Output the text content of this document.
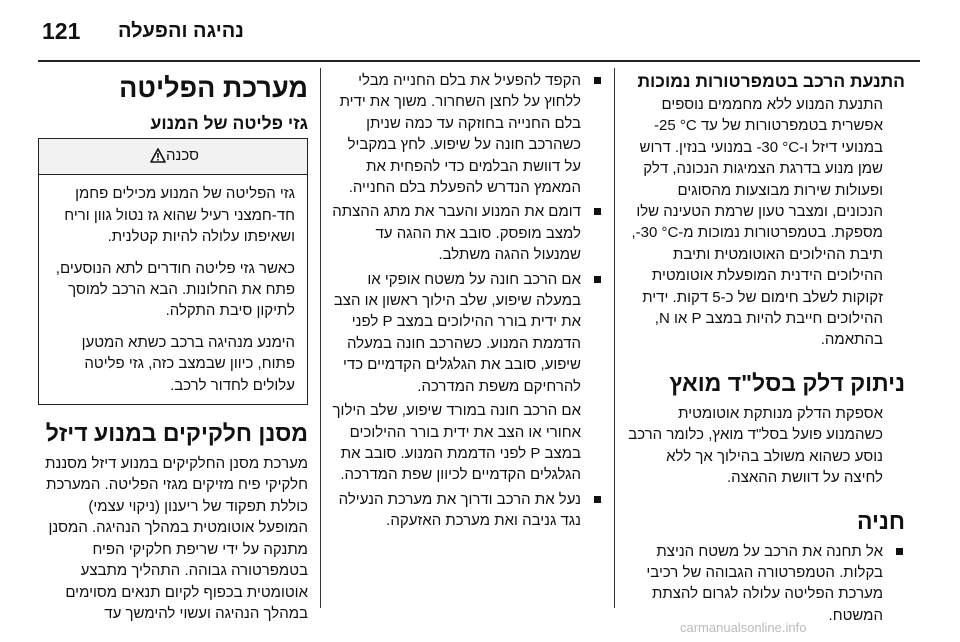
121 נהיגה והפעלה
התנעת הרכב בטמפרטורות נמוכות

התנעת המנוע ללא מחממים נוספים אפשרית בטמפרטורות של עד ‎-25 °C‎ במנועי דיזל ו-‎-30 °C‎ במנועי בנזין. דרוש שמן מנוע בדרגת הצמיגות הנכונה, דלק ופעולות שירות מבוצעות מהסוגים הנכונים, ומצבר טעון שרמת הטעינה שלו מספקת. בטמפרטורות נמוכות מ-‎-30 °C‎, תיבת ההילוכים האוטומטית ותיבת ההילוכים הידנית המופעלת אוטומטית זקוקות לשלב חימום של כ-5 דקות. ידית ההילוכים חייבת להיות במצב P או N, בהתאמה.

ניתוק דלק בסל"ד מואץ

אספקת הדלק מנותקת אוטומטית כשהמנוע פועל בסל"ד מואץ, כלומר הרכב נוסע כשהוא משולב בהילוך אך ללא לחיצה על דוושת ההאצה.

חניה

אל תחנה את הרכב על משטח הניצת בקלות. הטמפרטורה הגבוהה של רכיבי מערכת הפליטה עלולה לגרום להצתת המשטח.

הקפד להפעיל את בלם החנייה מבלי ללחוץ על לחצן השחרור. משוך את ידית בלם החנייה בחוזקה עד כמה שניתן כשהרכב חונה על שיפוע. לחץ במקביל על דוושת הבלמים כדי להפחית את המאמץ הנדרש להפעלת בלם החנייה.

דומם את המנוע והעבר את מתג ההצתה למצב מופסק. סובב את ההגה עד שמנעול ההגה משתלב.

אם הרכב חונה על משטח אופקי או במעלה שיפוע, שלב הילוך ראשון או הצב את ידית בורר ההילוכים במצב P לפני הדממת המנוע. כשהרכב חונה במעלה שיפוע, סובב את הגלגלים הקדמיים כדי להרחיקם משפת המדרכה.

אם הרכב חונה במורד שיפוע, שלב הילוך אחורי או הצב את ידית בורר ההילוכים במצב P לפני הדממת המנוע. סובב את הגלגלים הקדמיים לכיוון שפת המדרכה.

נעל את הרכב ודרוך את מערכת הנעילה נגד גניבה ואת מערכת האזעקה.

מערכת הפליטה
גזי פליטה של המנוע
סכנה

גזי הפליטה של המנוע מכילים פחמן חד-חמצני רעיל שהוא גז נטול גוון וריח ושאיפתו עלולה להיות קטלנית.

כאשר גזי פליטה חודרים לתא הנוסעים, פתח את החלונות. הבא הרכב למוסך לתיקון סיבת התקלה.

הימנע מנהיגה ברכב כשתא המטען פתוח, כיוון שבמצב כזה, גזי פליטה עלולים לחדור לרכב.

מסנן חלקיקים במנוע דיזל

מערכת מסנן החלקיקים במנוע דיזל מסננת חלקיקי פיח מזיקים מגזי הפליטה. המערכת כוללת תפקוד של ריענון (ניקוי עצמי) המופעל אוטומטית במהלך הנהיגה. המסנן מתנקה על ידי שריפת חלקיקי הפיח בטמפרטורה גבוהה. התהליך מתבצע אוטומטית בכפוף לקיום תנאים מסוימים במהלך הנהיגה ועשוי להימשך עד

carmanualsonline.info
